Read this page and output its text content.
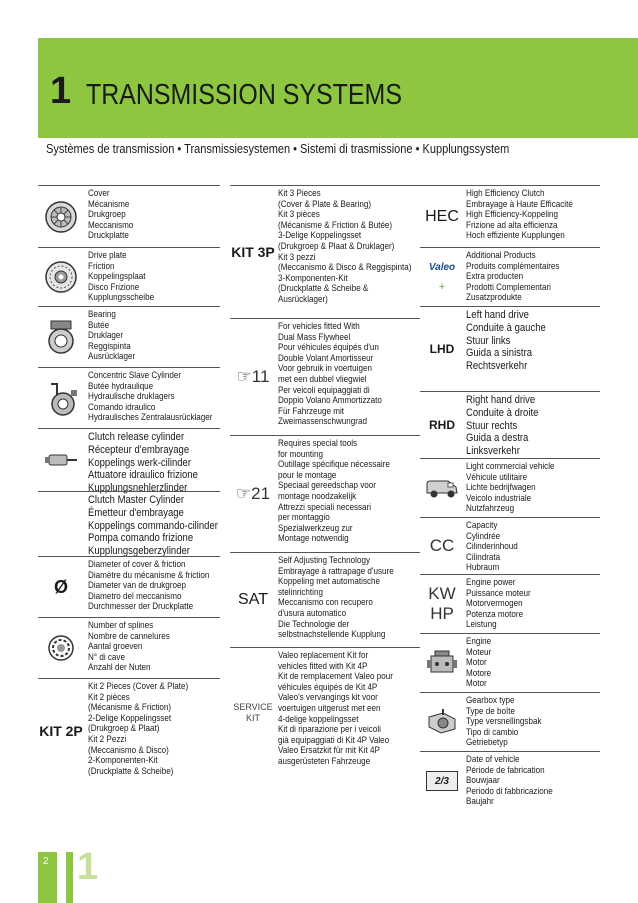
1 TRANSMISSION SYSTEMS
Systèmes de transmission • Transmissiesystemen • Sistemi di trasmissione • Kupplungssystem
Cover
Mécanisme
Drukgroep
Meccanismo
Druckplatte
Drive plate
Friction
Koppelingsplaat
Disco Frizione
Kupplungsscheibe
Bearing
Butée
Druklager
Reggispinta
Ausrücklager
Concentric Slave Cylinder
Butée hydraulique
Hydraulische druklagers
Comando idraulico
Hydraulisches Zentralausrücklager
Clutch release cylinder
Récepteur d'embrayage
Koppelings werk-cilinder
Attuatore idraulico frizione
Kupplungsnehlerzlinder
Clutch Master Cylinder
Émetteur d'embrayage
Koppelings commando-cilinder
Pompa comando frizione
Kupplungsgeberzylinder
Ø
Diameter of cover & friction
Diamètre du mécanisme & friction
Diameter van de drukgroep
Diametro del meccanismo
Durchmesser der Druckplatte
Number of splines
Nombre de cannelures
Aantal groeven
N° di cave
Anzahl der Nuten
KIT 2P
Kit 2 Pieces (Cover & Plate)
Kit 2 pièces
(Mécanisme & Friction)
2-Delige Koppelingsset
(Drukgroep & Plaat)
Kit 2 Pezzi
(Meccanismo & Disco)
2-Komponenten-Kit
(Druckplatte & Scheibe)
KIT 3P
Kit 3 Pieces
(Cover & Plate & Bearing)
Kit 3 pièces
(Mécanisme & Friction & Butée)
3-Delige Koppelingsset
(Drukgroep & Plaat & Druklager)
Kit 3 pezzi
(Meccanismo & Disco & Reggispinta)
3-Komponenten-Kit
(Druckplatte & Scheibe &
Ausrücklager)
☞11
For vehicles fitted With
Dual Mass Flywheel
Pour véhicules équipés d'un
Double Volant Amortisseur
Voor gebruik in voertuigen
met een dubbel vliegwiel
Per veicoli equipaggiati di
Doppio Volano Ammortizzato
Für Fahrzeuge mit
Zweimassenschwungrad
☞21
Requires special tools
for mounting
Outillage spécifique nécessaire
pour le montage
Speciaal gereedschap voor
montage noodzakelijk
Attrezzi speciali necessari
per montaggio
Spezialwerkzeug zur
Montage notwendig
SAT
Self Adjusting Technology
Embrayage à rattrapage d'usure
Koppeling met automatische
stelinrichting
Meccanismo con recupero
d'usura automatico
Die Technologie der
selbstnachstellende Kupplung
SERVICE KIT
Valeo replacement Kit for
vehicles fitted with Kit 4P
Kit de remplacement Valeo pour
véhicules équipés de Kit 4P
Valeo's vervangings kit voor
voertuigen uitgerust met een
4-delige koppelingsset
Kit di riparazione per i veicoli
già equipaggiati di Kit 4P Valeo
Valeo Ersatzkit für mit Kit 4P
ausgerüsteten Fahrzeuge
HEC
High Efficiency Clutch
Embrayage à Haute Efficacité
High Efficiency-Koppeling
Frizione ad alta efficienza
Hoch effiziente Kupplungen
Valeo
+
Additional Products
Produits complémentaires
Extra producten
Prodotti Complementari
Zusatzprodukte
LHD
Left hand drive
Conduite à gauche
Stuur links
Guida a sinistra
Rechtsverkehr
RHD
Right hand drive
Conduite à droite
Stuur rechts
Guida a destra
Linksverkehr
Light commercial vehicle
Véhicule utilitaire
Lichte bedrijfwagen
Veicolo industriale
Nutzfahrzeug
CC
Capacity
Cylindrée
Cilinderinhoud
Cilindrata
Hubraum
KW HP
Engine power
Puissance moteur
Motorvermogen
Potenza motore
Leistung
Engine
Moteur
Motor
Motore
Motor
Gearbox type
Type de boîte
Type versnellingsbak
Tipo di cambio
Getriebetyp
2/3
Date of vehicle
Période de fabrication
Bouwjaar
Periodo di fabbricazione
Baujahr
2 1
